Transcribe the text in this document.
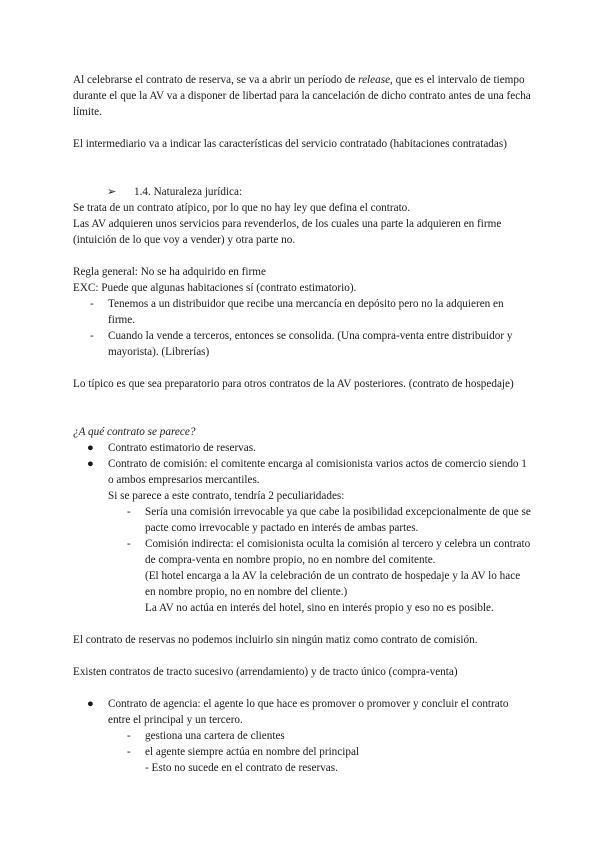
Al celebrarse el contrato de reserva, se va a abrir un período de release, que es el intervalo de tiempo durante el que la AV va a disponer de libertad para la cancelación de dicho contrato antes de una fecha límite.

El intermediario va a indicar las características del servicio contratado (habitaciones contratadas)

➢ 1.4. Naturaleza jurídica:

Se trata de un contrato atípico, por lo que no hay ley que defina el contrato.

Las AV adquieren unos servicios para revenderlos, de los cuales una parte la adquieren en firme (intuición de lo que voy a vender) y otra parte no.

Regla general: No se ha adquirido en firme

EXC: Puede que algunas habitaciones sí (contrato estimatorio).

- Tenemos a un distribuidor que recibe una mercancía en depósito pero no la adquieren en firme.
- Cuando la vende a terceros, entonces se consolida. (Una compra-venta entre distribuidor y mayorista). (Librerías)

Lo típico es que sea preparatorio para otros contratos de la AV posteriores. (contrato de hospedaje)

¿A qué contrato se parece?

● Contrato estimatorio de reservas.
● Contrato de comisión: el comitente encarga al comisionista varios actos de comercio siendo 1 o ambos empresarios mercantiles.
Si se parece a este contrato, tendría 2 peculiaridades:
- Sería una comisión irrevocable ya que cabe la posibilidad excepcionalmente de que se pacte como irrevocable y pactado en interés de ambas partes.
- Comisión indirecta: el comisionista oculta la comisión al tercero y celebra un contrato de compra-venta en nombre propio, no en nombre del comitente.
(El hotel encarga a la AV la celebración de un contrato de hospedaje y la AV lo hace en nombre propio, no en nombre del cliente.)
La AV no actúa en interés del hotel, sino en interés propio y eso no es posible.

El contrato de reservas no podemos incluirlo sin ningún matiz como contrato de comisión.

Existen contratos de tracto sucesivo (arrendamiento) y de tracto único (compra-venta)

● Contrato de agencia: el agente lo que hace es promover o promover y concluir el contrato entre el principal y un tercero.
- gestiona una cartera de clientes
- el agente siempre actúa en nombre del principal
- Esto no sucede en el contrato de reservas.
